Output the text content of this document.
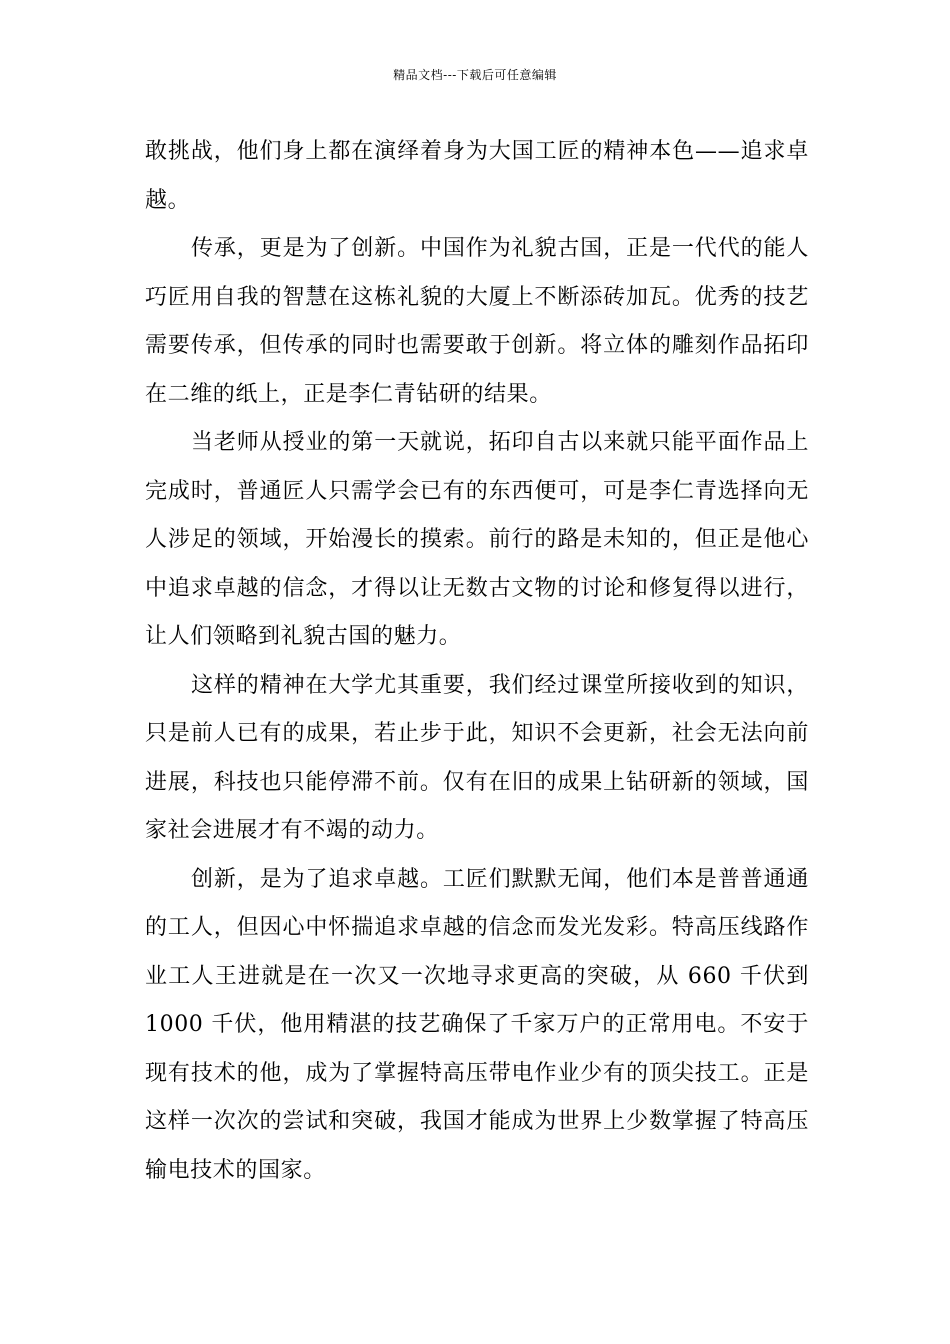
精品文档---下载后可任意编辑

敢挑战，他们身上都在演绎着身为大国工匠的精神本色——追求卓越。

传承，更是为了创新。中国作为礼貌古国，正是一代代的能人巧匠用自我的智慧在这栋礼貌的大厦上不断添砖加瓦。优秀的技艺需要传承，但传承的同时也需要敢于创新。将立体的雕刻作品拓印在二维的纸上，正是李仁青钻研的结果。

当老师从授业的第一天就说，拓印自古以来就只能平面作品上完成时，普通匠人只需学会已有的东西便可，可是李仁青选择向无人涉足的领域，开始漫长的摸索。前行的路是未知的，但正是他心中追求卓越的信念，才得以让无数古文物的讨论和修复得以进行，让人们领略到礼貌古国的魅力。

这样的精神在大学尤其重要，我们经过课堂所接收到的知识，只是前人已有的成果，若止步于此，知识不会更新，社会无法向前进展，科技也只能停滞不前。仅有在旧的成果上钻研新的领域，国家社会进展才有不竭的动力。

创新，是为了追求卓越。工匠们默默无闻，他们本是普普通通的工人，但因心中怀揣追求卓越的信念而发光发彩。特高压线路作业工人王进就是在一次又一次地寻求更高的突破，从 660 千伏到 1000 千伏，他用精湛的技艺确保了千家万户的正常用电。不安于现有技术的他，成为了掌握特高压带电作业少有的顶尖技工。正是这样一次次的尝试和突破，我国才能成为世界上少数掌握了特高压输电技术的国家。
